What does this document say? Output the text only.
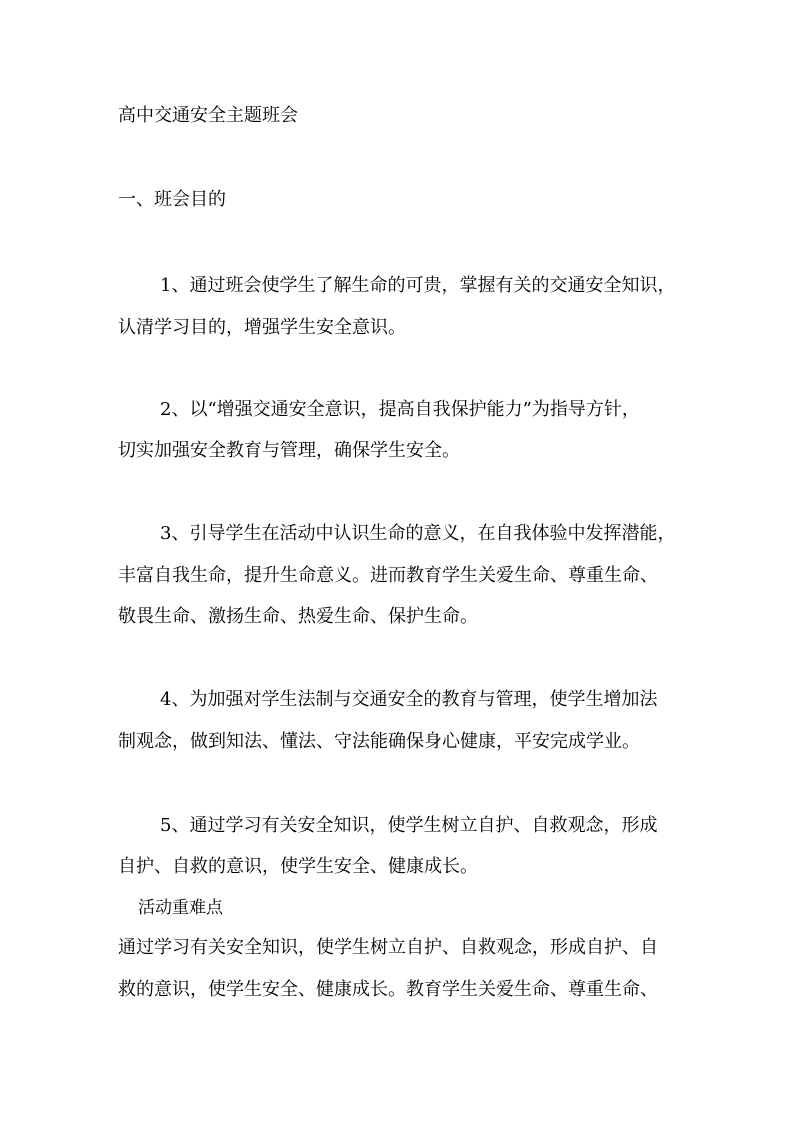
高中交通安全主题班会

一、班会目的

1、通过班会使学生了解生命的可贵，掌握有关的交通安全知识，

认清学习目的，增强学生安全意识。

2、以“增强交通安全意识，提高自我保护能力”为指导方针，

切实加强安全教育与管理，确保学生安全。

3、引导学生在活动中认识生命的意义，在自我体验中发挥潜能，

丰富自我生命，提升生命意义。进而教育学生关爱生命、尊重生命、

敬畏生命、激扬生命、热爱生命、保护生命。

4、为加强对学生法制与交通安全的教育与管理，使学生增加法

制观念，做到知法、懂法、守法能确保身心健康，平安完成学业。

5、通过学习有关安全知识，使学生树立自护、自救观念，形成

自护、自救的意识，使学生安全、健康成长。

活动重难点

通过学习有关安全知识，使学生树立自护、自救观念，形成自护、自

救的意识，使学生安全、健康成长。教育学生关爱生命、尊重生命、
